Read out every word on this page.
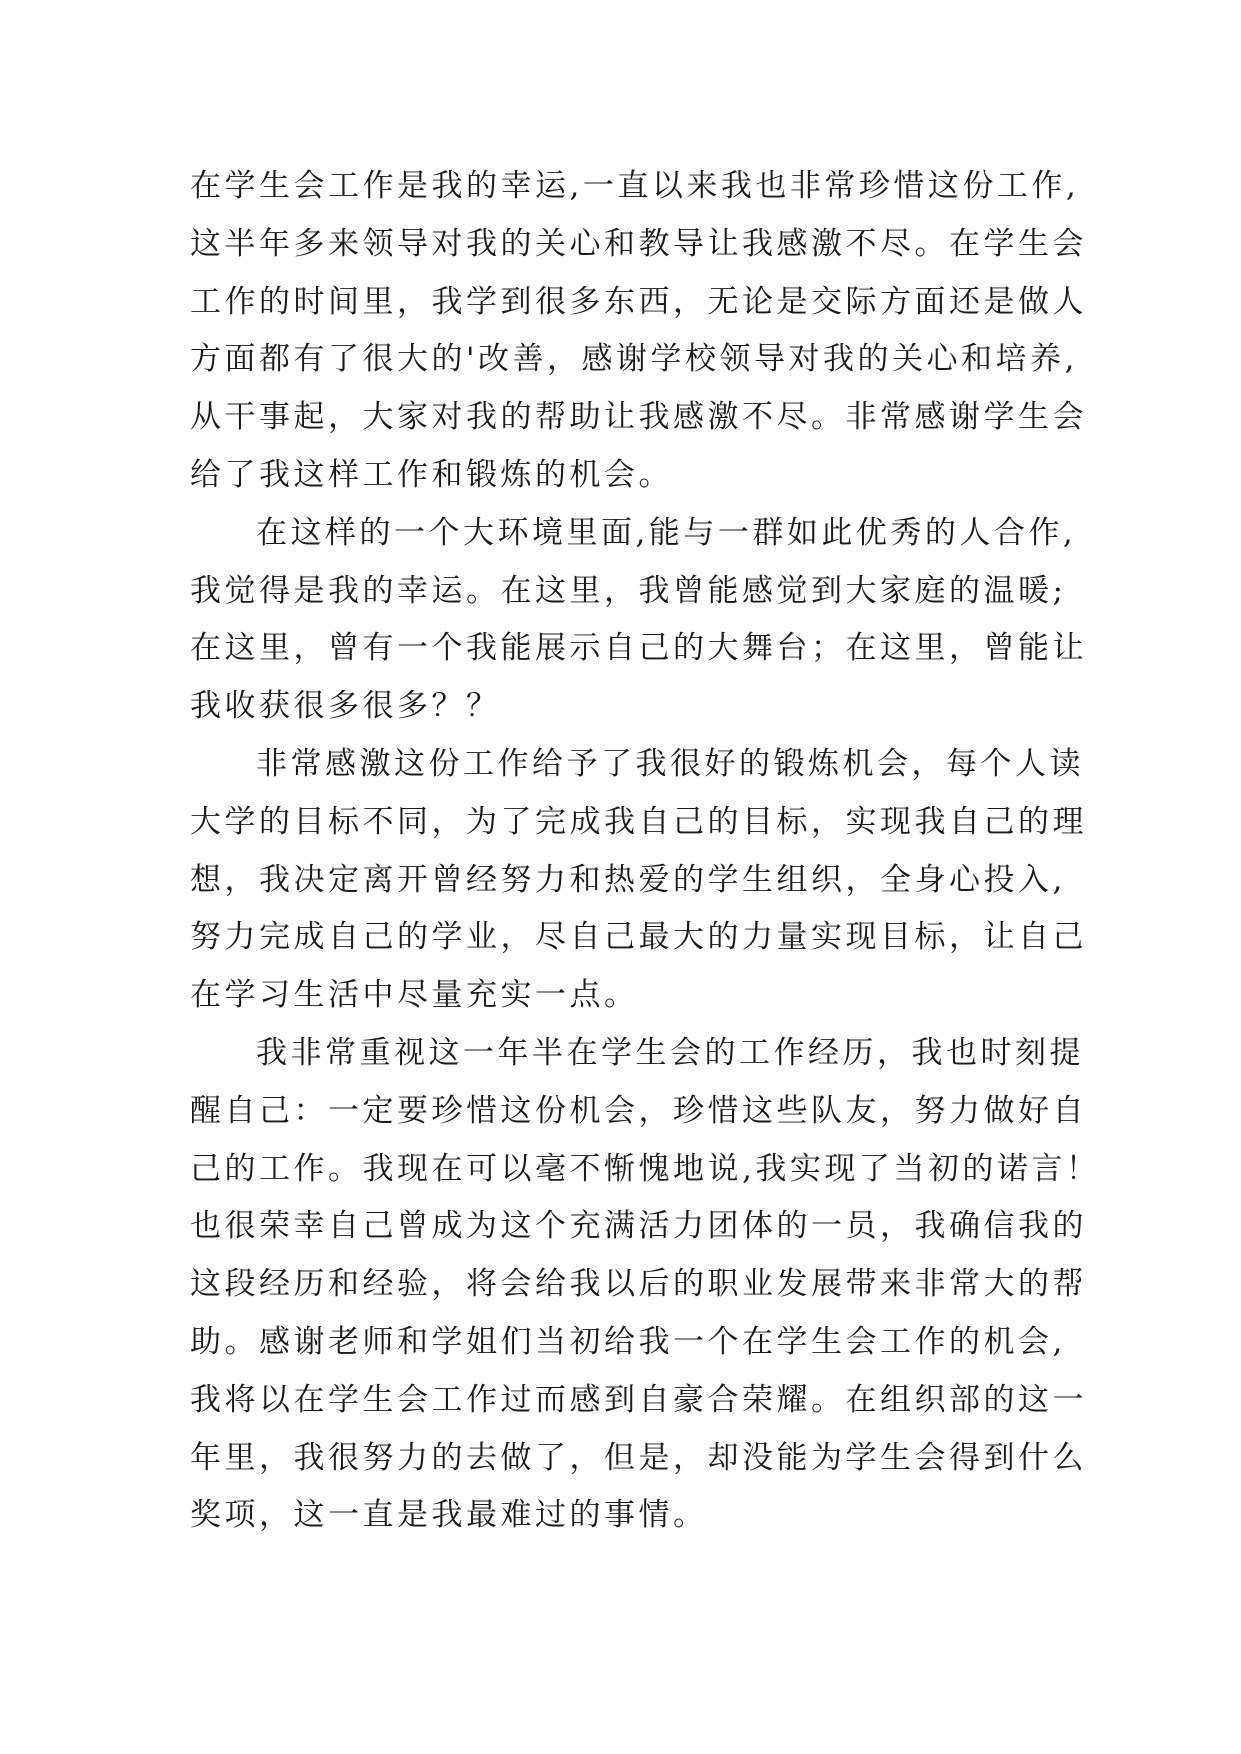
在学生会工作是我的幸运,一直以来我也非常珍惜这份工作,
这半年多来领导对我的关心和教导让我感激不尽。在学生会
工作的时间里，我学到很多东西，无论是交际方面还是做人
方面都有了很大的'改善，感谢学校领导对我的关心和培养,
从干事起，大家对我的帮助让我感激不尽。非常感谢学生会
给了我这样工作和锻炼的机会。
在这样的一个大环境里面,能与一群如此优秀的人合作,
我觉得是我的幸运。在这里，我曾能感觉到大家庭的温暖;
在这里，曾有一个我能展示自己的大舞台；在这里，曾能让
我收获很多很多？？
非常感激这份工作给予了我很好的锻炼机会，每个人读
大学的目标不同，为了完成我自己的目标，实现我自己的理
想，我决定离开曾经努力和热爱的学生组织，全身心投入,
努力完成自己的学业，尽自己最大的力量实现目标，让自己
在学习生活中尽量充实一点。
我非常重视这一年半在学生会的工作经历，我也时刻提
醒自己：一定要珍惜这份机会，珍惜这些队友，努力做好自
己的工作。我现在可以毫不惭愧地说,我实现了当初的诺言！
也很荣幸自己曾成为这个充满活力团体的一员，我确信我的
这段经历和经验，将会给我以后的职业发展带来非常大的帮
助。感谢老师和学姐们当初给我一个在学生会工作的机会,
我将以在学生会工作过而感到自豪合荣耀。在组织部的这一
年里，我很努力的去做了，但是，却没能为学生会得到什么
奖项，这一直是我最难过的事情。
